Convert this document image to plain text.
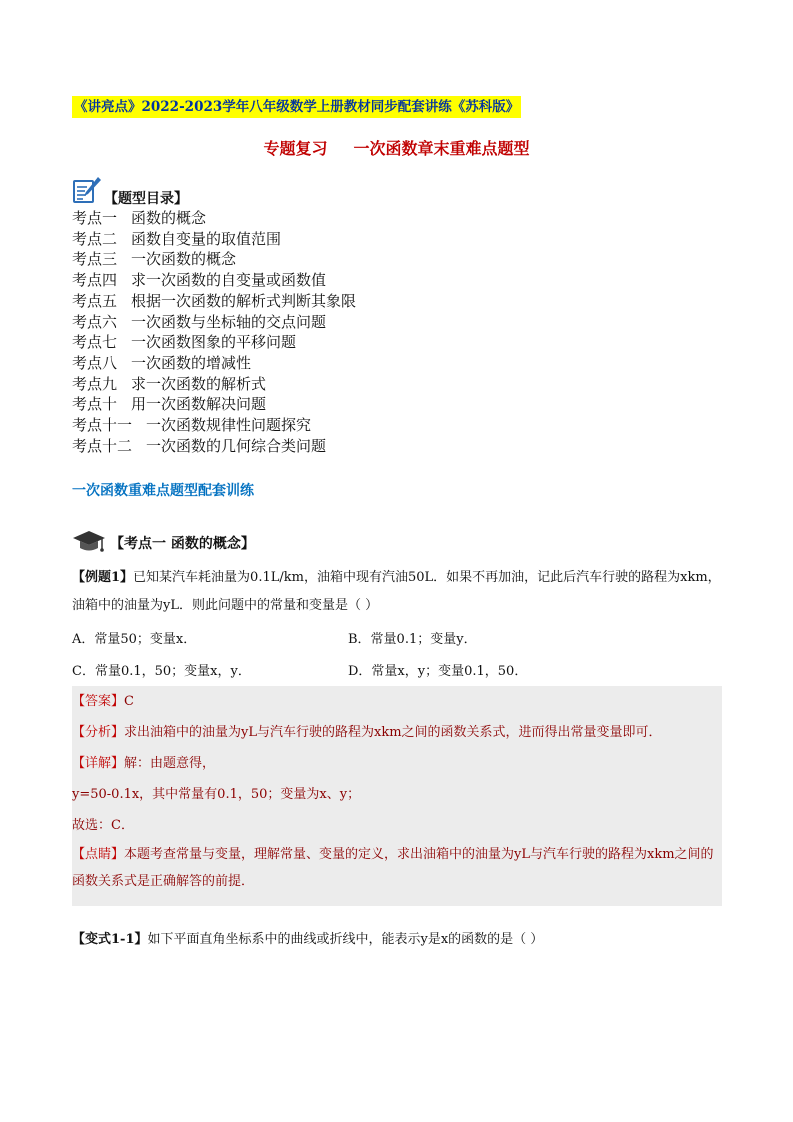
《讲亮点》2022-2023学年八年级数学上册教材同步配套讲练《苏科版》
专题复习 一次函数章末重难点题型
【题型目录】
考点一 函数的概念
考点二 函数自变量的取值范围
考点三 一次函数的概念
考点四 求一次函数的自变量或函数值
考点五 根据一次函数的解析式判断其象限
考点六 一次函数与坐标轴的交点问题
考点七 一次函数图象的平移问题
考点八 一次函数的增减性
考点九 求一次函数的解析式
考点十 用一次函数解决问题
考点十一 一次函数规律性问题探究
考点十二 一次函数的几何综合类问题
一次函数重难点题型配套训练
【考点一 函数的概念】
【例题1】已知某汽车耗油量为0.1L/km，油箱中现有汽油50L．如果不再加油，记此后汽车行驶的路程为xkm，油箱中的油量为yL．则此问题中的常量和变量是（ ）
A．常量50；变量x．	B．常量0.1；变量y．
C．常量0.1，50；变量x，y．	D．常量x，y；变量0.1，50．
【答案】C
【分析】求出油箱中的油量为yL与汽车行驶的路程为xkm之间的函数关系式，进而得出常量变量即可．
【详解】解：由题意得，
y=50-0.1x，其中常量有0.1，50；变量为x、y；
故选：C．
【点睛】本题考查常量与变量，理解常量、变量的定义，求出油箱中的油量为yL与汽车行驶的路程为xkm之间的函数关系式是正确解答的前提．
【变式1-1】如下平面直角坐标系中的曲线或折线中，能表示y是x的函数的是（ ）
